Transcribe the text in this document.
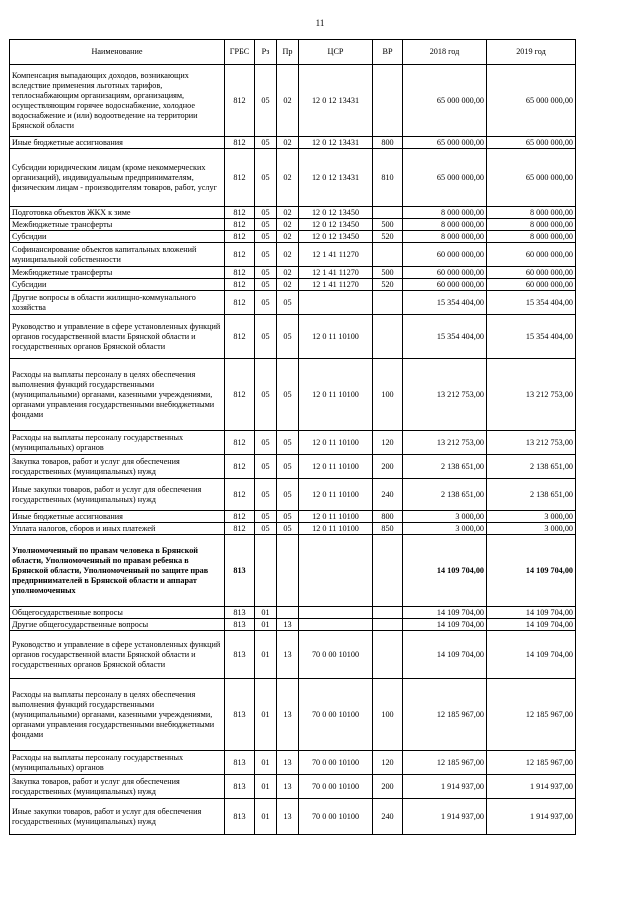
11
Наименование	ГРБС	Рз	Пр	ЦСР	ВР	2018 год	2019 год
Компенсация выпадающих доходов, возникающих вследствие применения льготных тарифов, теплоснабжающим организациям, организациям, осуществляющим горячее водоснабжение, холодное водоснабжение и (или) водоотведение на территории Брянской области	812	05	02	12 0 12 13431		65 000 000,00	65 000 000,00
Иные бюджетные ассигнования	812	05	02	12 0 12 13431	800	65 000 000,00	65 000 000,00
Субсидии юридическим лицам (кроме некоммерческих организаций), индивидуальным предпринимателям, физическим лицам - производителям товаров, работ, услуг	812	05	02	12 0 12 13431	810	65 000 000,00	65 000 000,00
Подготовка объектов ЖКХ к зиме	812	05	02	12 0 12 13450		8 000 000,00	8 000 000,00
Межбюджетные трансферты	812	05	02	12 0 12 13450	500	8 000 000,00	8 000 000,00
Субсидии	812	05	02	12 0 12 13450	520	8 000 000,00	8 000 000,00
Софинансирование объектов капитальных вложений муниципальной собственности	812	05	02	12 1 41 11270		60 000 000,00	60 000 000,00
Межбюджетные трансферты	812	05	02	12 1 41 11270	500	60 000 000,00	60 000 000,00
Субсидии	812	05	02	12 1 41 11270	520	60 000 000,00	60 000 000,00
Другие вопросы в области жилищно-коммунального хозяйства	812	05	05			15 354 404,00	15 354 404,00
Руководство и управление в сфере установленных функций органов государственной власти Брянской области и государственных органов Брянской области	812	05	05	12 0 11 10100		15 354 404,00	15 354 404,00
Расходы на выплаты персоналу в целях обеспечения выполнения функций государственными (муниципальными) органами, казенными учреждениями, органами управления государственными внебюджетными фондами	812	05	05	12 0 11 10100	100	13 212 753,00	13 212 753,00
Расходы на выплаты персоналу государственных (муниципальных) органов	812	05	05	12 0 11 10100	120	13 212 753,00	13 212 753,00
Закупка товаров, работ и услуг для обеспечения государственных (муниципальных) нужд	812	05	05	12 0 11 10100	200	2 138 651,00	2 138 651,00
Иные закупки товаров, работ и услуг для обеспечения государственных (муниципальных) нужд	812	05	05	12 0 11 10100	240	2 138 651,00	2 138 651,00
Иные бюджетные ассигнования	812	05	05	12 0 11 10100	800	3 000,00	3 000,00
Уплата налогов, сборов и иных платежей	812	05	05	12 0 11 10100	850	3 000,00	3 000,00
Уполномоченный по правам человека в Брянской области, Уполномоченный по правам ребенка в Брянской области, Уполномоченный по защите прав предпринимателей в Брянской области и аппарат уполномоченных	813					14 109 704,00	14 109 704,00
Общегосударственные вопросы	813	01				14 109 704,00	14 109 704,00
Другие общегосударственные вопросы	813	01	13			14 109 704,00	14 109 704,00
Руководство и управление в сфере установленных функций органов государственной власти Брянской области и государственных органов Брянской области	813	01	13	70 0 00 10100		14 109 704,00	14 109 704,00
Расходы на выплаты персоналу в целях обеспечения выполнения функций государственными (муниципальными) органами, казенными учреждениями, органами управления государственными внебюджетными фондами	813	01	13	70 0 00 10100	100	12 185 967,00	12 185 967,00
Расходы на выплаты персоналу государственных (муниципальных) органов	813	01	13	70 0 00 10100	120	12 185 967,00	12 185 967,00
Закупка товаров, работ и услуг для обеспечения государственных (муниципальных) нужд	813	01	13	70 0 00 10100	200	1 914 937,00	1 914 937,00
Иные закупки товаров, работ и услуг для обеспечения государственных (муниципальных) нужд	813	01	13	70 0 00 10100	240	1 914 937,00	1 914 937,00
